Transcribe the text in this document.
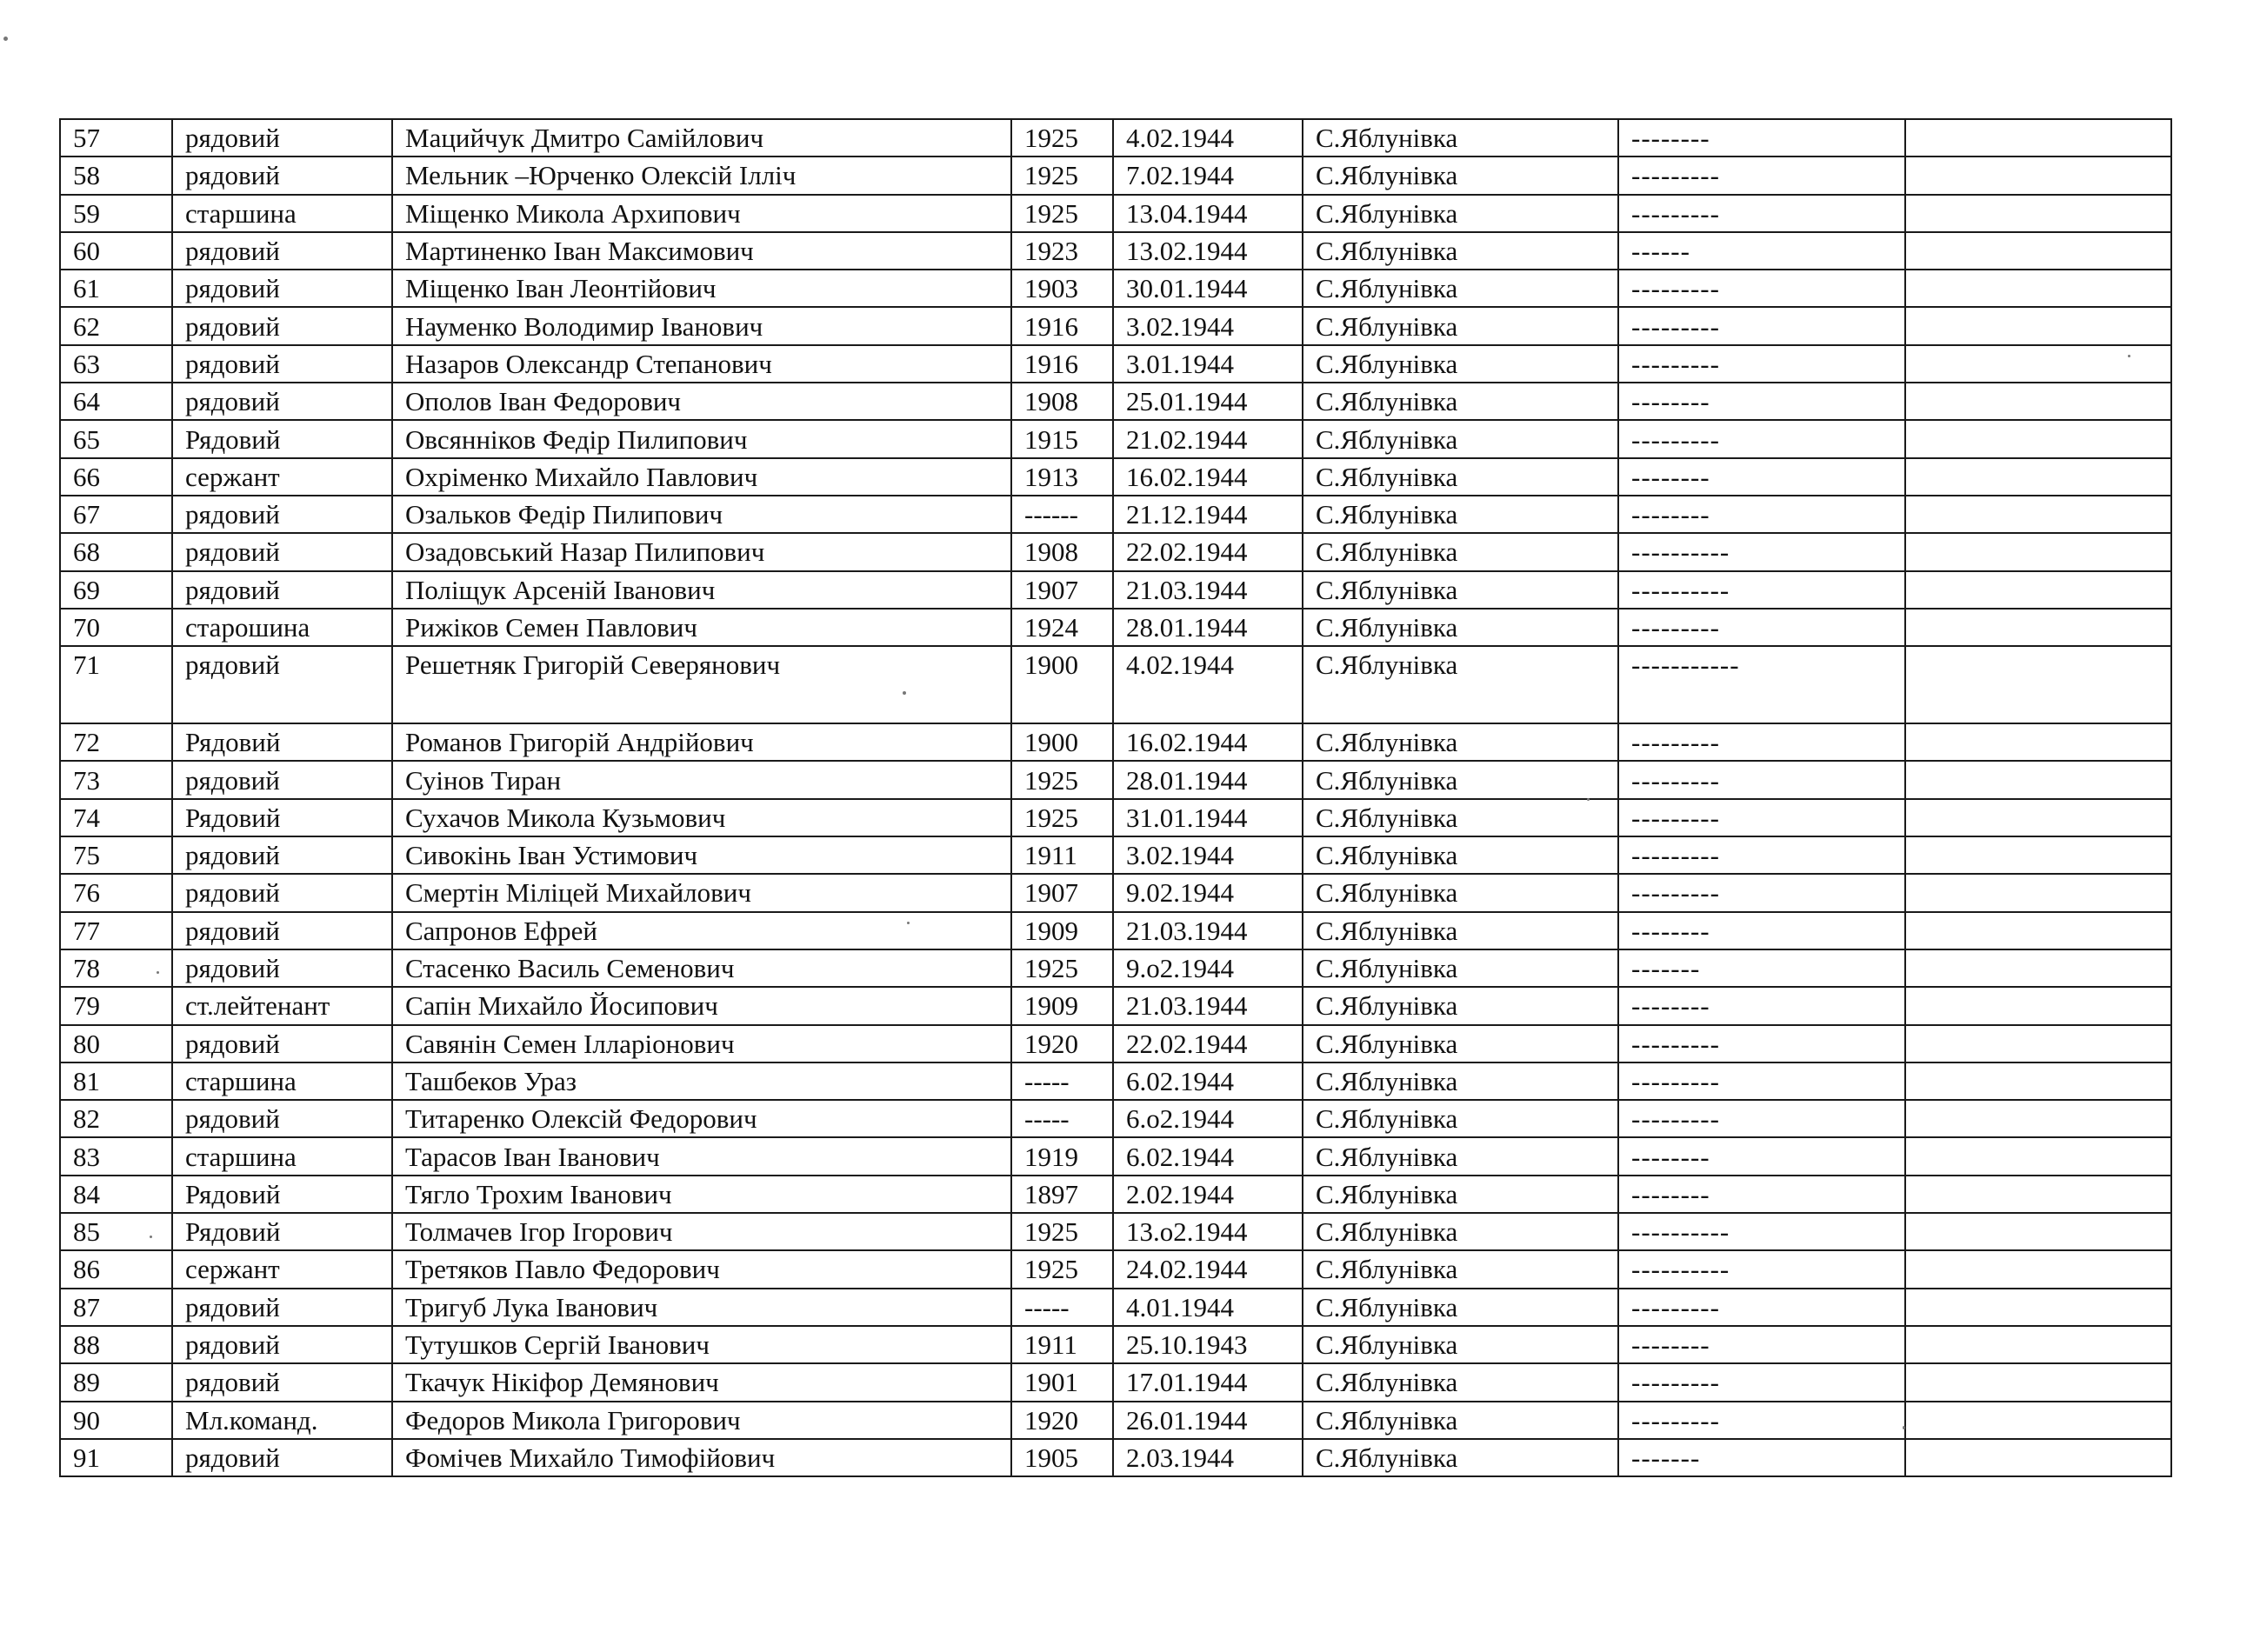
57	рядовий	Мацийчук Дмитро Самійлович	1925	4.02.1944	С.Яблунівка	--------	
58	рядовий	Мельник –Юрченко Олексій Ілліч	1925	7.02.1944	С.Яблунівка	---------	
59	старшина	Міщенко Микола Архипович	1925	13.04.1944	С.Яблунівка	---------	
60	рядовий	Мартиненко Іван Максимович	1923	13.02.1944	С.Яблунівка	------	
61	рядовий	Міщенко Іван Леонтійович	1903	30.01.1944	С.Яблунівка	---------	
62	рядовий	Науменко Володимир Іванович	1916	3.02.1944	С.Яблунівка	---------	
63	рядовий	Назаров Олександр Степанович	1916	3.01.1944	С.Яблунівка	---------	
64	рядовий	Ополов Іван Федорович	1908	25.01.1944	С.Яблунівка	--------	
65	Рядовий	Овсянніков Федір Пилипович	1915	21.02.1944	С.Яблунівка	---------	
66	сержант	Охріменко Михайло Павлович	1913	16.02.1944	С.Яблунівка	--------	
67	рядовий	Озальков Федір Пилипович	------	21.12.1944	С.Яблунівка	--------	
68	рядовий	Озадовський Назар Пилипович	1908	22.02.1944	С.Яблунівка	----------	
69	рядовий	Поліщук Арсеній Іванович	1907	21.03.1944	С.Яблунівка	----------	
70	старошина	Рижіков Семен Павлович	1924	28.01.1944	С.Яблунівка	---------	
71	рядовий	Решетняк Григорій Северянович	1900	4.02.1944	С.Яблунівка	-----------	
72	Рядовий	Романов Григорій Андрійович	1900	16.02.1944	С.Яблунівка	---------	
73	рядовий	Суінов Тиран	1925	28.01.1944	С.Яблунівка	---------	
74	Рядовий	Сухачов Микола Кузьмович	1925	31.01.1944	С.Яблунівка	---------	
75	рядовий	Сивокінь Іван Устимович	1911	3.02.1944	С.Яблунівка	---------	
76	рядовий	Смертін Міліцей Михайлович	1907	9.02.1944	С.Яблунівка	---------	
77	рядовий	Сапронов Ефрей	1909	21.03.1944	С.Яблунівка	--------	
78	рядовий	Стасенко Василь Семенович	1925	9.о2.1944	С.Яблунівка	-------	
79	ст.лейтенант	Сапін Михайло Йосипович	1909	21.03.1944	С.Яблунівка	--------	
80	рядовий	Савянін Семен Ілларіонович	1920	22.02.1944	С.Яблунівка	---------	
81	старшина	Ташбеков Ураз	-----	6.02.1944	С.Яблунівка	---------	
82	рядовий	Титаренко Олексій Федорович	-----	6.о2.1944	С.Яблунівка	---------	
83	старшина	Тарасов Іван Іванович	1919	6.02.1944	С.Яблунівка	--------	
84	Рядовий	Тягло Трохим Іванович	1897	2.02.1944	С.Яблунівка	--------	
85	Рядовий	Толмачев Ігор Ігорович	1925	13.о2.1944	С.Яблунівка	----------	
86	сержант	Третяков Павло Федорович	1925	24.02.1944	С.Яблунівка	----------	
87	рядовий	Тригуб Лука Іванович	-----	4.01.1944	С.Яблунівка	---------	
88	рядовий	Тутушков Сергій Іванович	1911	25.10.1943	С.Яблунівка	--------	
89	рядовий	Ткачук Нікіфор Демянович	1901	17.01.1944	С.Яблунівка	---------	
90	Мл.команд.	Федоров Микола Григорович	1920	26.01.1944	С.Яблунівка	---------	
91	рядовий	Фомічев Михайло Тимофійович	1905	2.03.1944	С.Яблунівка	-------	
